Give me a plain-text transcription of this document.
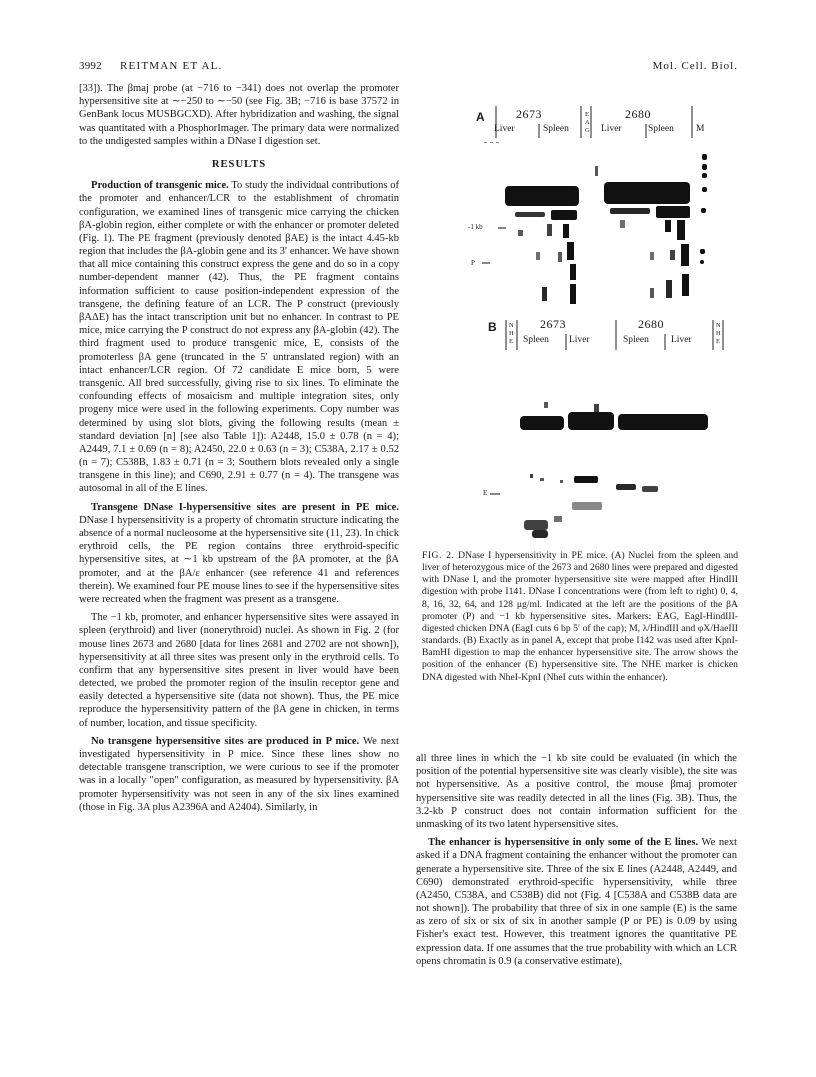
3992 REITMAN ET AL.	Mol. Cell. Biol.

[33]). The βmaj probe (at −716 to −341) does not overlap the promoter hypersensitive site at ∼−250 to ∼−50 (see Fig. 3B; −716 is base 37572 in GenBank locus MUSBGCXD). After hybridization and washing, the signal was quantitated with a PhosphorImager. The primary data were normalized to the undigested samples within a DNase I digestion set.

RESULTS

Production of transgenic mice. To study the individual contributions of the promoter and enhancer/LCR to the establishment of chromatin configuration, we examined lines of transgenic mice carrying the chicken βA-globin region, either complete or with the enhancer or promoter deleted (Fig. 1). The PE fragment (previously denoted βAE) is the intact 4.45-kb region that includes the βA-globin gene and its 3′ enhancer. We have shown that all mice containing this construct express the gene and do so in a copy number-dependent manner (42). Thus, the PE fragment contains information sufficient to cause position-independent expression of the transgene, the defining feature of an LCR. The P construct (previously βAΔE) has the intact transcription unit but no enhancer. In contrast to PE mice, mice carrying the P construct do not express any βA-globin (42). The third fragment used to produce transgenic mice, E, consists of the promoterless βA gene (truncated in the 5′ untranslated region) with an intact enhancer/LCR region. Of 72 candidate E mice born, 5 were transgenic. All bred successfully, giving rise to six lines. To eliminate the confounding effects of mosaicism and multiple integration sites, only progeny mice were used in the following experiments. Copy number was determined by using slot blots, giving the following results (mean ± standard deviation [n] [see also Table 1]): A2448, 15.0 ± 0.78 (n = 4); A2449, 7.1 ± 0.69 (n = 8); A2450, 22.0 ± 0.63 (n = 3); C538A, 2.17 ± 0.52 (n = 7); C538B, 1.83 ± 0.71 (n = 3; Southern blots revealed only a single transgene in this line); and C690, 2.91 ± 0.77 (n = 4). The transgene was autosomal in all of the E lines.

Transgene DNase I-hypersensitive sites are present in PE mice. DNase I hypersensitivity is a property of chromatin structure indicating the absence of a normal nucleosome at the hypersensitive site (11, 23). In chick erythroid cells, the PE region contains three erythroid-specific hypersensitive sites, at ∼1 kb upstream of the βA promoter, at the βA promoter, and at the βA/ε enhancer (see reference 41 and references therein). We examined four PE mouse lines to see if the hypersensitive sites were recreated when the fragment was present as a transgene.

The −1 kb, promoter, and enhancer hypersensitive sites were assayed in spleen (erythroid) and liver (nonerythroid) nuclei. As shown in Fig. 2 (for mouse lines 2673 and 2680 [data for lines 2681 and 2702 are not shown]), hypersensitivity at all three sites was present only in the erythroid cells. To confirm that any hypersensitive sites present in liver would have been detected, we probed the promoter region of the insulin receptor gene and easily detected a hypersensitive site (data not shown). Thus, the PE mice reproduce the hypersensitivity pattern of the βA gene in chicken, in terms of number, location, and tissue specificity.

No transgene hypersensitive sites are produced in P mice. We next investigated hypersensitivity in P mice. Since these lines show no detectable transgene transcription, we were curious to see if the promoter was in a locally "open" configuration, as measured by hypersensitivity. βA promoter hypersensitivity was not seen in any of the six lines examined (those in Fig. 3A plus A2396A and A2404). Similarly, in

A	2673	2680
Liver	Spleen	Liver	Spleen
E
A
G	M
-1 kb
P
B	2673	2680
Spleen Liver	Spleen Liver
N
H
E
N
H
E
E
FIG. 2. DNase I hypersensitivity in PE mice. (A) Nuclei from the spleen and liver of heterozygous mice of the 2673 and 2680 lines were prepared and digested with DNase I, and the promoter hypersensitive site were mapped after HindIII digestion with probe I141. DNase I concentrations were (from left to right) 0, 4, 8, 16, 32, 64, and 128 μg/ml. Indicated at the left are the positions of the βA promoter (P) and −1 kb hypersensitive sites. Markers: EAG, EagI-HindIII-digested chicken DNA (EagI cuts 6 bp 5′ of the cap); M, λ/HindIII and φX/HaeIII standards. (B) Exactly as in panel A, except that probe I142 was used after KpnI-BamHI digestion to map the enhancer hypersensitive site. The arrow shows the position of the enhancer (E) hypersensitive site. The NHE marker is chicken DNA digested with NheI-KpnI (NheI cuts within the enhancer).

all three lines in which the −1 kb site could be evaluated (in which the position of the potential hypersensitive site was clearly visible), the site was not hypersensitive. As a positive control, the mouse βmaj promoter hypersensitive site was readily detected in all the lines (Fig. 3B). Thus, the 3.2-kb P construct does not contain information sufficient for the unmasking of its two latent hypersensitive sites.

The enhancer is hypersensitive in only some of the E lines. We next asked if a DNA fragment containing the enhancer without the promoter can generate a hypersensitive site. Three of the six E lines (A2448, A2449, and C690) demonstrated erythroid-specific hypersensitivity, while three (A2450, C538A, and C538B) did not (Fig. 4 [C538A and C538B data are not shown]). The probability that three of six in one sample (E) is the same as zero of six or six of six in another sample (P or PE) is 0.09 by using Fisher's exact test. However, this treatment ignores the quantitative PE expression data. If one assumes that the true probability with which an LCR opens chromatin is 0.9 (a conservative estimate),
